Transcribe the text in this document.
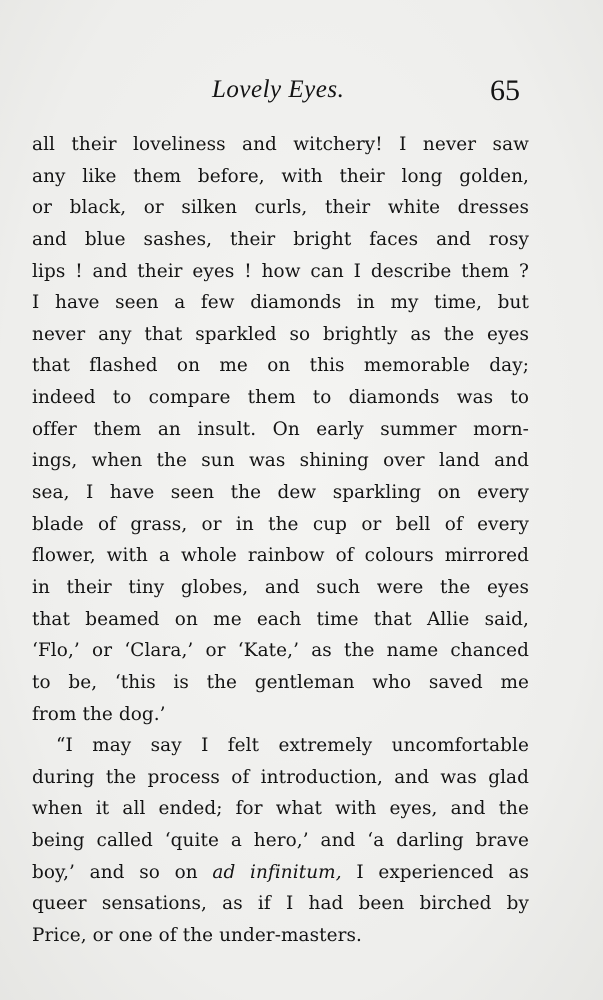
Lovely Eyes.	65
all their loveliness and witchery! I never saw
any like them before, with their long golden,
or black, or silken curls, their white dresses
and blue sashes, their bright faces and rosy
lips ! and their eyes ! how can I describe them ?
I have seen a few diamonds in my time, but
never any that sparkled so brightly as the eyes
that flashed on me on this memorable day;
indeed to compare them to diamonds was to
offer them an insult. On early summer morn-
ings, when the sun was shining over land and
sea, I have seen the dew sparkling on every
blade of grass, or in the cup or bell of every
flower, with a whole rainbow of colours mirrored
in their tiny globes, and such were the eyes
that beamed on me each time that Allie said,
‘Flo,’ or ‘Clara,’ or ‘Kate,’ as the name chanced
to be, ‘this is the gentleman who saved me
from the dog.’
“I may say I felt extremely uncomfortable
during the process of introduction, and was glad
when it all ended; for what with eyes, and the
being called ‘quite a hero,’ and ‘a darling brave
boy,’ and so on ad infinitum, I experienced as
queer sensations, as if I had been birched by
Price, or one of the under-masters.
